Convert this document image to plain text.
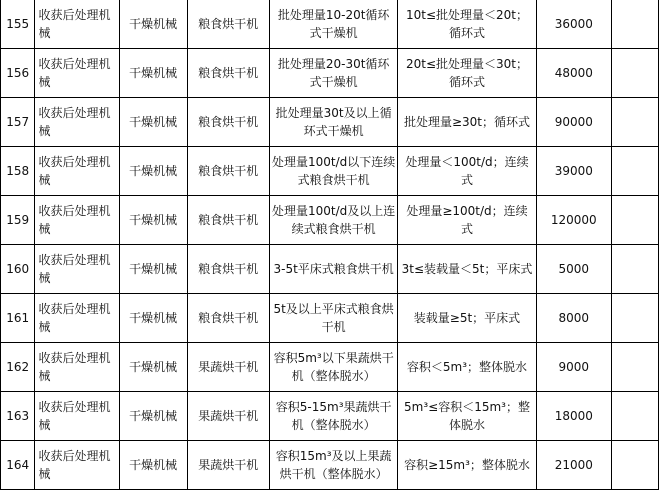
155	收获后处理机械	干燥机械	粮食烘干机	批处理量10-20t循环式干燥机	10t≤批处理量＜20t；循环式	36000	
156	收获后处理机械	干燥机械	粮食烘干机	批处理量20-30t循环式干燥机	20t≤批处理量＜30t；循环式	48000	
157	收获后处理机械	干燥机械	粮食烘干机	批处理量30t及以上循环式干燥机	批处理量≥30t；循环式	90000	
158	收获后处理机械	干燥机械	粮食烘干机	处理量100t/d以下连续式粮食烘干机	处理量＜100t/d；连续式	39000	
159	收获后处理机械	干燥机械	粮食烘干机	处理量100t/d及以上连续式粮食烘干机	处理量≥100t/d；连续式	120000	
160	收获后处理机械	干燥机械	粮食烘干机	3-5t平床式粮食烘干机	3t≤装载量＜5t；平床式	5000	
161	收获后处理机械	干燥机械	粮食烘干机	5t及以上平床式粮食烘干机	装载量≥5t；平床式	8000	
162	收获后处理机械	干燥机械	果蔬烘干机	容积5m³以下果蔬烘干机（整体脱水）	容积＜5m³；整体脱水	9000	
163	收获后处理机械	干燥机械	果蔬烘干机	容积5-15m³果蔬烘干机（整体脱水）	5m³≤容积＜15m³；整体脱水	18000	
164	收获后处理机械	干燥机械	果蔬烘干机	容积15m³及以上果蔬烘干机（整体脱水）	容积≥15m³；整体脱水	21000	
